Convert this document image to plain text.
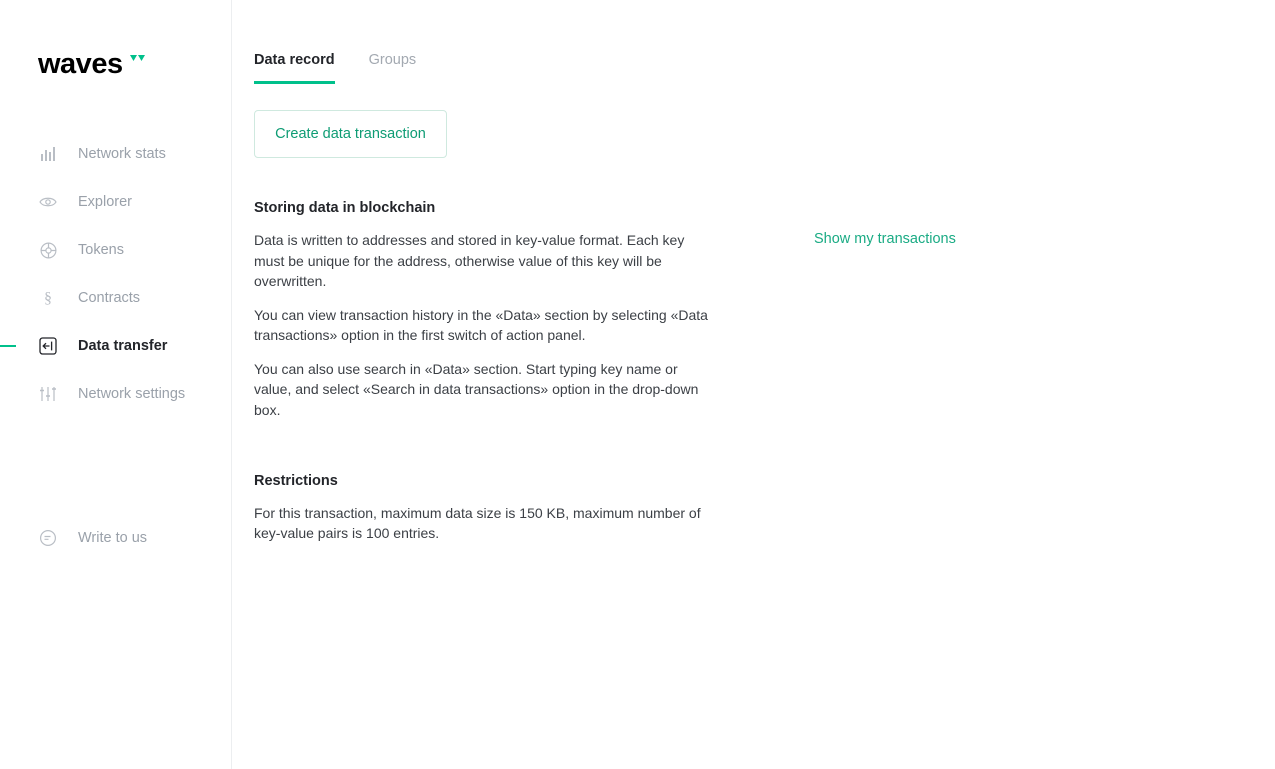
waves
Network stats
Explorer
Tokens
§ Contracts
Data transfer
Network settings
Write to us
Data record Groups
Create data transaction
Storing data in blockchain

Data is written to addresses and stored in key-value format. Each key must be unique for the address, otherwise value of this key will be overwritten.

You can view transaction history in the «Data» section by selecting «Data transactions» option in the first switch of action panel.

You can also use search in «Data» section. Start typing key name or value, and select «Search in data transactions» option in the drop-down box.

Restrictions

For this transaction, maximum data size is 150 KB, maximum number of key-value pairs is 100 entries.

Show my transactions
